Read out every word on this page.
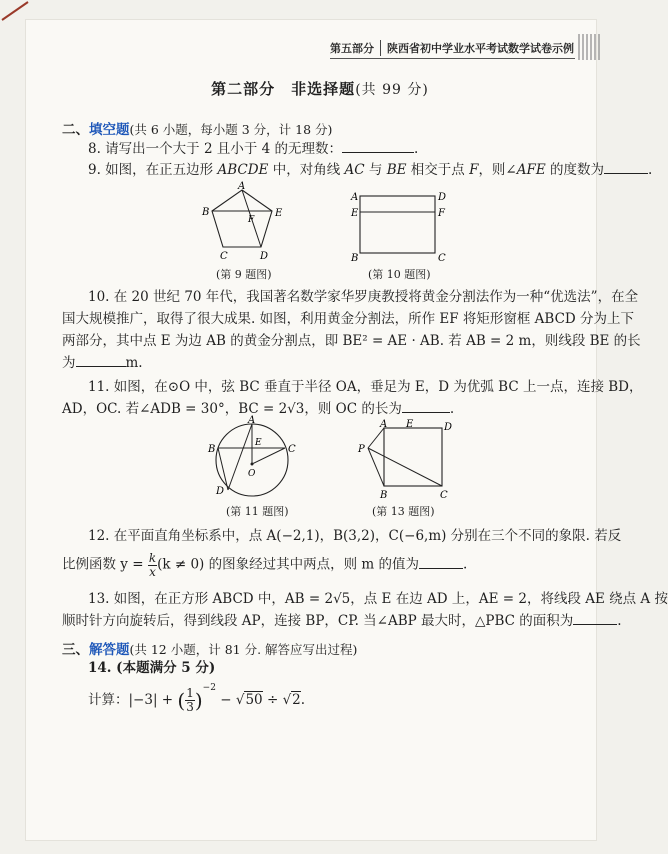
第五部分	陕西省初中学业水平考试数学试卷示例
第二部分　非选择题(共 99 分)
二、填空题(共 6 小题，每小题 3 分，计 18 分)
8. 请写出一个大于 2 且小于 4 的无理数：	.
9. 如图，在正五边形 ABCDE 中，对角线 AC 与 BE 相交于点 F，则∠AFE 的度数为	.
A
B	E
F
C	D
(第 9 题图)
A	D
E	F
B	C
(第 10 题图)
10. 在 20 世纪 70 年代，我国著名数学家华罗庚教授将黄金分割法作为一种“优选法”，在全
国大规模推广，取得了很大成果. 如图，利用黄金分割法，所作 EF 将矩形窗框 ABCD 分为上下
两部分，其中点 E 为边 AB 的黄金分割点，即 BE² = AE · AB. 若 AB = 2 m，则线段 BE 的长
为	m.
11. 如图，在⊙O 中，弦 BC 垂直于半径 OA，垂足为 E，D 为优弧 BC 上一点，连接 BD，
AD，OC. 若∠ADB = 30°，BC = 2√3，则 OC 的长为	.
A
B
E
C
O
D
(第 11 题图)
A E	D
P
B	C
(第 13 题图)
12. 在平面直角坐标系中，点 A(−2,1)，B(3,2)，C(−6,m) 分别在三个不同的象限. 若反
比例函数 $y = \frac{k}{x} (k \ne 0)$ 的图象经过其中两点，则 m 的值为	.
13. 如图，在正方形 ABCD 中，AB = 2√5，点 E 在边 AD 上，AE = 2，将线段 AE 绕点 A 按
顺时针方向旋转后，得到线段 AP，连接 BP，CP. 当∠ABP 最大时，△PBC 的面积为	.
三、解答题(共 12 小题，计 81 分. 解答应写出过程)
14. (本题满分 5 分)
计算：|−3| + ( $\frac{1}{3} )^{-2} - √50 \div √2$.
